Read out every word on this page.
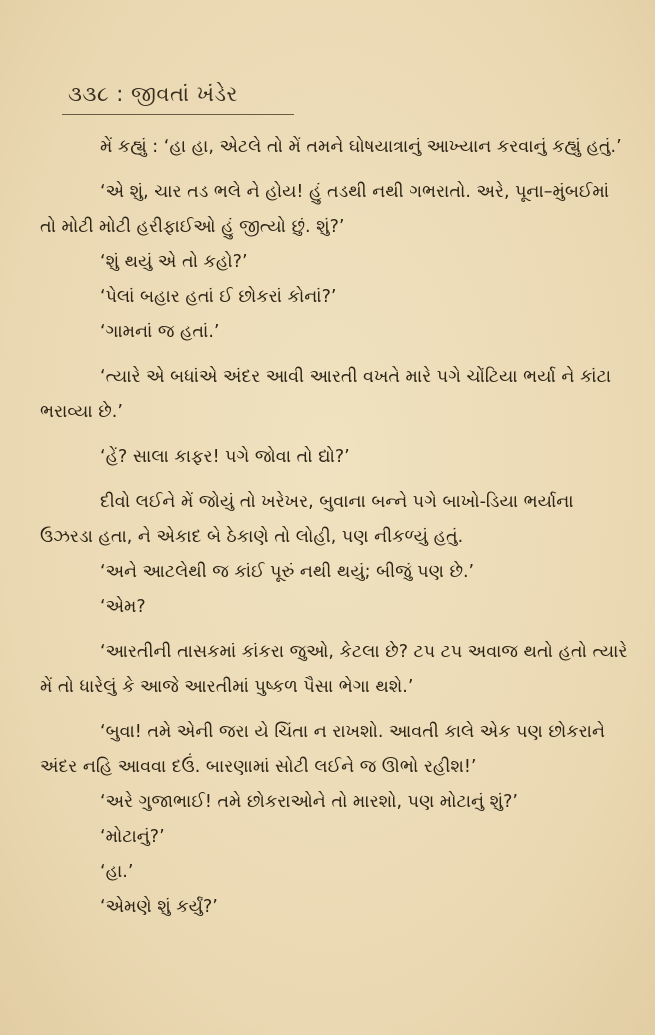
૩૩૮ : જીવતાં ખંડેર

મેં કહ્યું : ‘હા હા, એટલે તો મેં તમને ઘોષયાત્રાનું આખ્યાન કરવાનું કહ્યું હતું.’

‘એ શું, ચાર તડ ભલે ને હોય! હું તડથી નથી ગભરાતો. અરે, પૂના–મુંબઈમાં તો મોટી મોટી હરીફાઈઓ હું જીત્યો છું. શું?’

‘શું થયું એ તો કહો?’

‘પેલાં બહાર હતાં ઈ છોકરાં કોનાં?’

‘ગામનાં જ હતાં.’

‘ત્યારે એ બધાંએ અંદર આવી આરતી વખતે મારે પગે ચોંટિયા ભર્યા ને કાંટા ભરાવ્યા છે.’

‘હેં? સાલા કાફર! પગે જોવા તો દ્યો?’

દીવો લઈને મેં જોયું તો ખરેખર, બુવાના બન્ને પગે બાખો-ડિયા ભર્યાના ઉઝરડા હતા, ને એકાદ બે ઠેકાણે તો લોહી, પણ નીકળ્યું હતું.

‘અને આટલેથી જ કાંઈ પૂરું નથી થયું; બીજું પણ છે.’

‘એમ?

‘આરતીની તાસકમાં કાંકરા જુઓ, કેટલા છે? ટપ ટપ અવાજ થતો હતો ત્યારે મેં તો ધારેલું કે આજે આરતીમાં પુષ્કળ પૈસા ભેગા થશે.’

‘બુવા! તમે એની જરા યે ચિંતા ન રાખશો. આવતી કાલે એક પણ છોકરાને અંદર નહિ આવવા દઉં. બારણામાં સોટી લઈને જ ઊભો રહીશ!’

‘અરે ગુજાભાઈ! તમે છોકરાઓને તો મારશો, પણ મોટાનું શું?’

‘મોટાનું?’

‘હા.’

‘એમણે શું કર્યું?’
